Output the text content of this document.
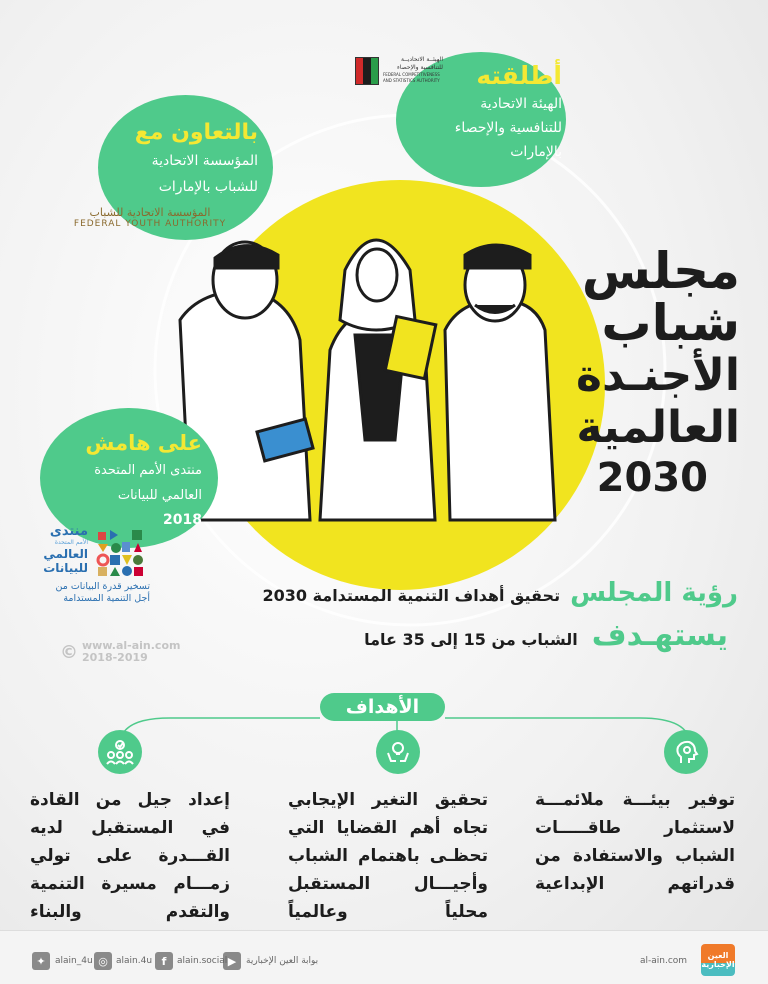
أطلقته
الهيئة الاتحادية
للتنافسية والإحصاء
بالإمارات
الهيئــة الاتحاديــة
للتنافسية والإحصاء
FEDERAL COMPETITIVENESS
AND STATISTICS AUTHORITY
بالتعاون مع
المؤسسة الاتحادية
للشباب بالإمارات
المؤسسة الاتحادية للشباب
FEDERAL YOUTH AUTHORITY
على هامش
منتدى الأمم المتحدة
العالمي للبيانات
2018
منتدى
الأمم المتحدة
العالمي
للبيانات
تسخير قدرة البيانات من
أجل التنمية المستدامة
© www.al-ain.com
2018-2019
مجلس
شباب
الأجنـدة
العالمية
2030
رؤية المجلس
تحقيق أهداف التنمية المستدامة 2030
يستهـدف
الشباب من 15 إلى 35 عاما
الأهداف
توفير بيئـــة ملائمـــة لاستثمار طاقـــــات الشباب والاستفادة من قدراتهم الإبداعية
تحقيق التغير الإيجابي تجاه أهم القضايا التي تحظـى باهتمام الشباب وأجيـــال المستقبل محلياً وعالمياً
إعداد جيل من القادة في المستقبل لديه القـــدرة على تولي زمـــام مسيرة التنمية والتقدم والبناء
العين الإخبارية
al-ain.com
▶	بوابة العين الإخبارية
f	alain.social
◎ alain.4u
✦	alain_4u
